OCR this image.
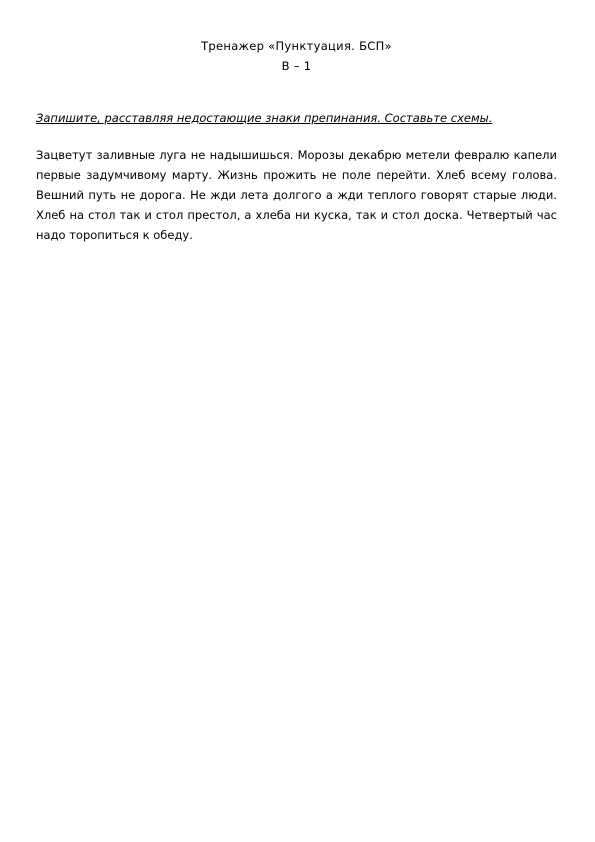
Тренажер «Пунктуация. БСП»
В – 1
Запишите, расставляя недостающие знаки препинания. Составьте схемы.
Зацветут заливные луга не надышишься. Морозы декабрю метели февралю капели первые задумчивому марту. Жизнь прожить не поле перейти. Хлеб всему голова. Вешний путь не дорога. Не жди лета долгого а жди теплого говорят старые люди. Хлеб на стол так и стол престол, а хлеба ни куска, так и стол доска. Четвертый час надо торопиться к обеду.
